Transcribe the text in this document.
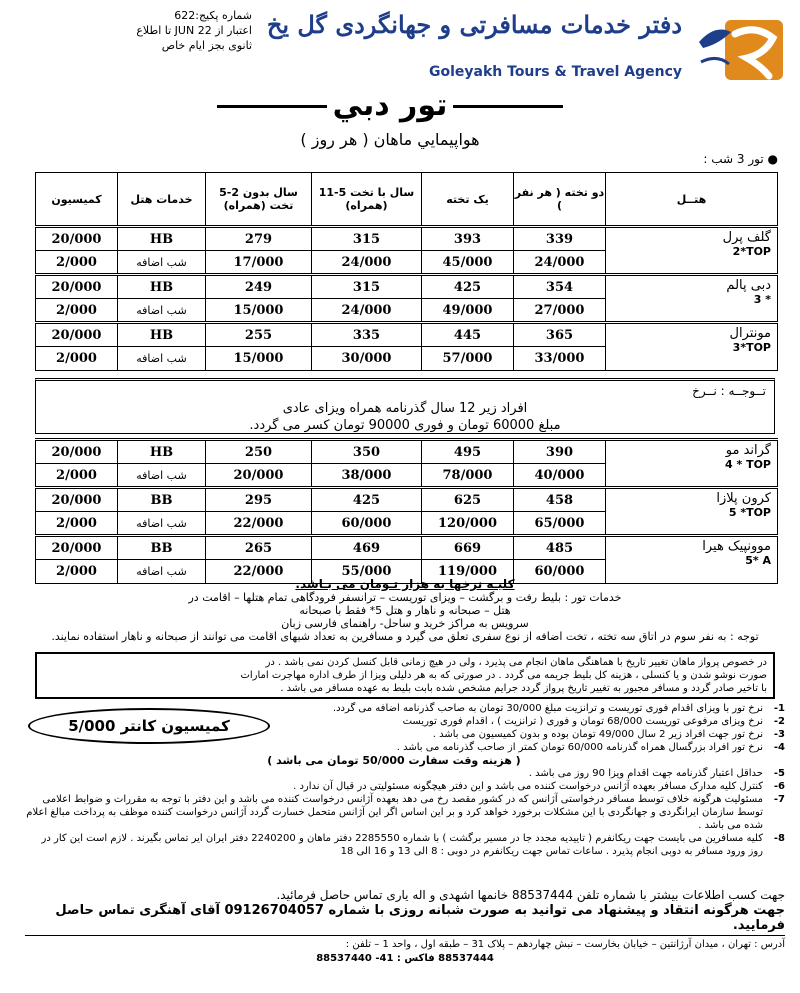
شماره پکیج:622
اعتبار از 22 JUN تا اطلاع
ثانوی بجز ایام خاص
دفتر خدمات مسافرتی و جهانگردی گل یخ
Goleyakh Tours & Travel Agency
تور دبي
هواپيمايي ماهان ( هر روز )
● تور 3 شب :
کمیسیون	خدمات هتل	5-2 سال بدون تخت (همراه)	11-5 سال با تخت (همراه)	یک تخته	دو تخته ( هر نفر )	هتــل
20/000	HB	279	315	393	339	گلف پرل
2*TOP

2/000	شب اضافه	17/000	24/000	45/000	24/000	
20/000	HB	249	315	425	354	دبی پالم
3 *

2/000	شب اضافه	15/000	24/000	49/000	27/000	
20/000	HB	255	335	445	365	مونترال
3*TOP

2/000	شب اضافه	15/000	30/000	57/000	33/000	
تــوجــه : نــرخ
افراد زیر 12 سال گذرنامه همراه ویزای عادی
مبلغ 60000 تومان و فوری 90000 تومان کسر می گردد.
20/000	HB	250	350	495	390	گراند مو
4 * TOP

2/000	شب اضافه	20/000	38/000	78/000	40/000	
20/000	BB	295	425	625	458	کرون پلازا
5 *TOP

2/000	شب اضافه	22/000	60/000	120/000	65/000	
20/000	BB	265	469	669	485	موونپیک هیرا
5* A

2/000	شب اضافه	22/000	55/000	119/000	60/000	
کلیـه نرخها به هزار تـومان می بـاشد.
خدمات تور : بلیط رفت و برگشت – ویزای توریست – ترانسفر فرودگاهی تمام هتلها – اقامت در
هتل – صبحانه و ناهار و هتل 5* فقط با صبحانه
سرویس به مراکز خرید و ساحل- راهنمای فارسی زبان
توجه : به نفر سوم در اتاق سه تخته ، تخت اضافه از نوع سفری تعلق می گیرد و مسافرین به تعداد شبهای اقامت می توانند از صبحانه و ناهار استفاده نمایند.
در خصوص پرواز ماهان تغییر تاریخ با هماهنگی ماهان انجام می پذیرد ، ولی در هیچ زمانی قابل کنسل کردن نمی باشد . در
صورت نوشو شدن و یا کنسلی ، هزینه کل بلیط جریمه می گردد . در صورتی که به هر دلیلی ویزا از طرف اداره مهاجرت امارات
با تاخیر صادر گردد و مسافر مجبور به تغییر تاریخ پرواز گردد جرایم مشخص شده بابت بلیط به عهده مسافر می باشد .
1-
نرخ تور با ویزای اقدام فوری توریست و ترانزیت مبلغ 30/000 تومان به صاحب گذرنامه اضافه می گردد.
2-
نرخ ویزای مرفوعی توریست 68/000 تومان و فوری ( ترانزیت ) ، اقدام فوری توریست
3-
نرخ تور جهت افراد زیر 2 سال 49/000 تومان بوده و بدون کمیسیون می باشد .
4-
نرخ تور افراد بزرگسال همراه گذرنامه 60/000 تومان کمتر از صاحب گذرنامه می باشد .
( هزینه وقت سفارت 50/000 تومان می باشد )
5-
حداقل اعتبار گذرنامه جهت اقدام ویزا 90 روز می باشد .
6-
کنترل کلیه مدارک مسافر بعهده آژانس درخواست کننده می باشد و این دفتر هیچگونه مسئولیتی در قبال آن ندارد .
7-
مسئولیت هرگونه خلاف توسط مسافر درخواستی آژانس که در کشور مقصد رخ می دهد بعهده آژانس درخواست کننده می باشد و این دفتر با توجه به مقررات و ضوابط اعلامی توسط سازمان ایرانگردی و جهانگردی با این مشکلات برخورد خواهد کرد و بر این اساس اگر این آژانس متحمل خسارت گردد آژانس درخواست کننده موظف به پرداخت مبالغ اعلام شده می باشد .
8-
کلیه مسافرین می بایست جهت ریکانفرم ( تاییدیه مجدد جا در مسیر برگشت ) با شماره 2285550 دفتر ماهان و 2240200 دفتر ایران ایر تماس بگیرند . لازم است این کار در روز ورود مسافر به دوبی انجام پذیرد . ساعات تماس جهت ریکانفرم در دوبی : 8 الی 13 و 16 الی 18
کمیسیون کانتر 5/000
جهت کسب اطلاعات بیشتر با شماره تلفن 88537444 خانمها اشهدی و اله یاری تماس حاصل فرمائید.
جهت هرگونه انتقاد و پیشنهاد می توانید به صورت شبانه روزی با شماره 09126704057 آقای آهنگری تماس حاصل فرمایید.
آدرس : تهران ، میدان آرژانتین – خیابان بخارست – نبش چهاردهم – پلاک 31 – طبقه اول ، واحد 1 – تلفن :
88537444 فاکس : 41- 88537440
